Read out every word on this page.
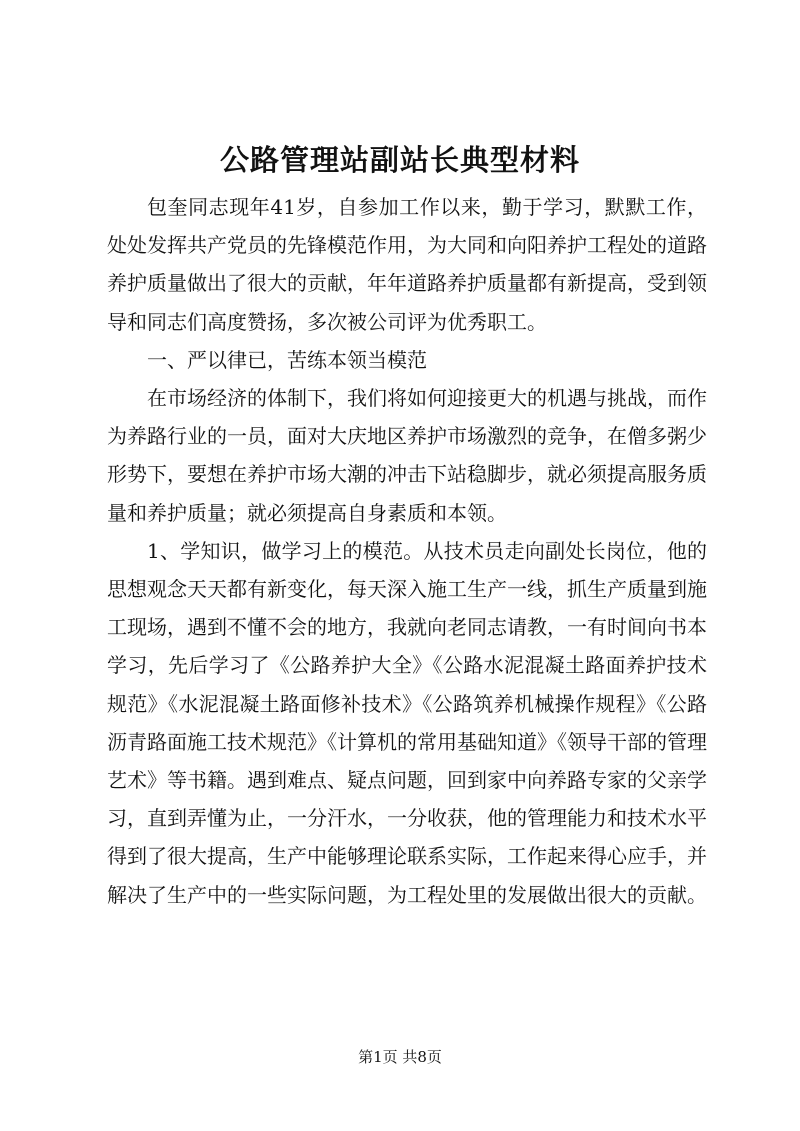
公路管理站副站长典型材料

包奎同志现年41岁，自参加工作以来，勤于学习，默默工作，处处发挥共产党员的先锋模范作用，为大同和向阳养护工程处的道路养护质量做出了很大的贡献，年年道路养护质量都有新提高，受到领导和同志们高度赞扬，多次被公司评为优秀职工。

一、严以律已，苦练本领当模范

在市场经济的体制下，我们将如何迎接更大的机遇与挑战，而作为养路行业的一员，面对大庆地区养护市场激烈的竞争，在僧多粥少形势下，要想在养护市场大潮的冲击下站稳脚步，就必须提高服务质量和养护质量；就必须提高自身素质和本领。

1、学知识，做学习上的模范。从技术员走向副处长岗位，他的思想观念天天都有新变化，每天深入施工生产一线，抓生产质量到施工现场，遇到不懂不会的地方，我就向老同志请教，一有时间向书本学习，先后学习了《公路养护大全》《公路水泥混凝土路面养护技术规范》《水泥混凝土路面修补技术》《公路筑养机械操作规程》《公路沥青路面施工技术规范》《计算机的常用基础知道》《领导干部的管理艺术》等书籍。遇到难点、疑点问题，回到家中向养路专家的父亲学习，直到弄懂为止，一分汗水，一分收获，他的管理能力和技术水平得到了很大提高，生产中能够理论联系实际，工作起来得心应手，并解决了生产中的一些实际问题，为工程处里的发展做出很大的贡献。

第1页 共8页
